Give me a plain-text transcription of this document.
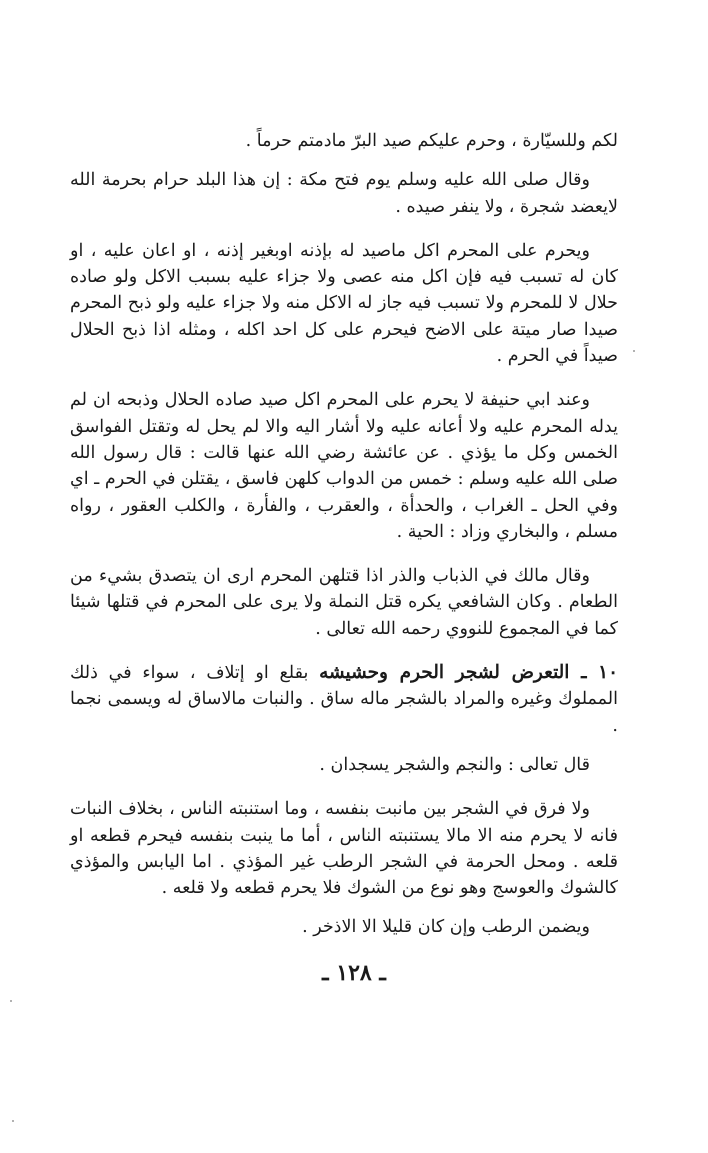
لكم وللسيّارة ، وحرم عليكم صيد البرّ مادمتم حرماً .

وقال صلى الله عليه وسلم يوم فتح مكة : إن هذا البلد حرام بحرمة الله لايعضد شجرة ، ولا ينفر صيده .

ويحرم على المحرم اكل ماصيد له بإذنه اوبغير إذنه ، او اعان عليه ، او كان له تسبب فيه فإن اكل منه عصى ولا جزاء عليه بسبب الاكل ولو صاده حلال لا للمحرم ولا تسبب فيه جاز له الاكل منه ولا جزاء عليه ولو ذبح المحرم صيدا صار ميتة على الاضح فيحرم على كل احد اكله ، ومثله اذا ذبح الحلال صيداً في الحرم .

وعند ابي حنيفة لا يحرم على المحرم اكل صيد صاده الحلال وذبحه ان لم يدله المحرم عليه ولا أعانه عليه ولا أشار اليه والا لم يحل له وتقتل الفواسق الخمس وكل ما يؤذي . عن عائشة رضي الله عنها قالت : قال رسول الله صلى الله عليه وسلم : خمس من الدواب كلهن فاسق ، يقتلن في الحرم ـ اي وفي الحل ـ الغراب ، والحدأة ، والعقرب ، والفأرة ، والكلب العقور ، رواه مسلم ، والبخاري وزاد : الحية .

وقال مالك في الذباب والذر اذا قتلهن المحرم ارى ان يتصدق بشيء من الطعام . وكان الشافعي يكره قتل النملة ولا يرى على المحرم في قتلها شيئا كما في المجموع للنووي رحمه الله تعالى .

١٠ ـ التعرض لشجر الحرم وحشيشه بقلع او إتلاف ، سواء في ذلك المملوك وغيره والمراد بالشجر ماله ساق . والنبات مالاساق له ويسمى نجما .

قال تعالى : والنجم والشجر يسجدان .

ولا فرق في الشجر بين مانبت بنفسه ، وما استنبته الناس ، بخلاف النبات فانه لا يحرم منه الا مالا يستنبته الناس ، أما ما ينبت بنفسه فيحرم قطعه او قلعه . ومحل الحرمة في الشجر الرطب غير المؤذي . اما اليابس والمؤذي كالشوك والعوسج وهو نوع من الشوك فلا يحرم قطعه ولا قلعه .

ويضمن الرطب وإن كان قليلا الا الاذخر .

ـ ١٢٨ ـ
